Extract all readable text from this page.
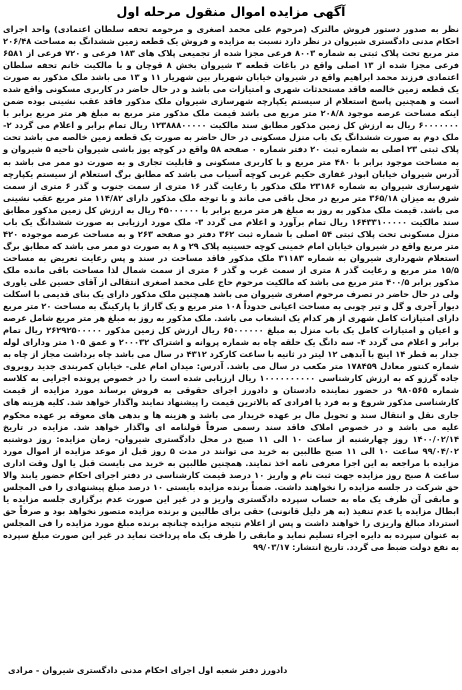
آگهی مزایده اموال منقول مرحله اول

نظر به صدور دستور فروش مالترک (مرحوم علی محمد اصغری و مرحومه تحفه سلطان اعتمادی) واحد اجرای احکام مدنی دادگستری شیروان در نظر دارد نسبت به مزایده و فروش یک قطعه زمین ششدانگ به مساحت ۲۰۶/۴۸ متر مربع تحت پلاک ثبتی به شماره ۸۰۰۳ فرعی مجزا شده از تجمیعی پلاک های ۱۸۳ فرعی و ۷۲۰ فرعی از ۶۵۸۱ فرعی مجزا شده از ۱۳ اصلی واقع در باغات قطعه ۳ شیروان بخش ۸ قوچان و با مالکیت خانم تحفه سلطان اعتمادی فرزند محمد ابراهیم واقع در شیروان خیابان شهریار بین شهریار ۱۱ و ۱۳ می باشد ملک مذکور به صورت یک قطعه زمین خالصه فاقد مستحدثات شهری و امتیازات می باشد و در حال حاضر در کاربری مسکونی واقع شده است و همچنین پاسخ استعلام از سیستم یکپارچه شهرسازی شیروان ملک مذکور فاقد عقب نشینی بوده ضمن اینکه مساحت عرصه موجود ۲۰۸/۸ متر مربع می باشد قیمت ملک مذکور متر مربع به مبلغ هر متر مربع برابر با ۶۰۰۰۰۰۰۰ ریال به ارزش کل زمین مذکور مطابق سند مالکیت ۱۲۳۸۸۸۰۰۰۰۰ ریال تمام برابر و اعلام می گردد ۲- ملک دوم به صورت ششدانگ یک باب منزل مسکونی در حال حاضر به صورت یک قطعه زمین خالصه می باشد تحت پلاک ثبتی ۲۳ اصلی به شماره ثبت ۲۰ دفتر شماره ۰ صفحه ۵۸ واقع در کوچه یوز باشی شیروان ناحیه ۵ شیروان و به مساحت موجود برابر با ۴۸۰ متر مربع و با کاربری مسکونی و قابلیت تجاری و به صورت دو ممر می باشد به آدرس شیروان خیابان ابوذر غفاری حکیم غربی کوچه آسیاب می باشد که مطابق برگ استعلام از سیستم یکپارچه شهرسازی شیروان به شماره ۲۳۱۸۶ ملک مذکور با رعایت گذر ۱۶ متری از سمت جنوب و گذر ۶ متری از سمت شرق به میزان ۳۶۵/۱۸ متر مربع در محل باقی می ماند و با توجه ملک مذکور دارای ۱۱۴/۸۲ متر مربع عقب نشینی می باشد. قیمت ملک مذکور به روز به مبلغ هر متر مربع برابر با ۴۵۰۰۰۰۰۰ ریال به ارزش کل زمین مذکور مطابق سند مالکیت ۱۶۴۳۳۱۰۰۰۰۰ ریال تمام برآورد و اعلام می گردد ۳- ملک مورد ارزیابی به صورت ششدانگ یک باب منزل مسکونی تحت پلاک ثبتی ۵۴ اصلی با شماره ثبت ۳۶۲ دفتر دو صفحه ۲۶۳ و به مساحت عرصه موجوده ۴۲۰ متر مربع واقع در شیروان خیابان امام خمینی کوچه حسینیه پلاک ۲۹ و ۸ به صورت دو ممر می باشد که مطابق برگ استعلام شهرداری شیروان به شماره ۳۱۱۸۳ ملک مذکور فاقد مساحت در سند و پس رعایت تعریض به مساحت ۱۵/۵ متر مربع و رعایت گذر ۸ متری از سمت غرب و گذر ۶ متری از سمت شمال لذا مساحت باقی مانده ملک مذکور برابر ۴۰۰/۵ متر مربع می باشد که مالکیت مرحوم حاج علی محمد اصغری انتقالی از آقای حسین علی یاوری ولی در حال حاضر در تصرف مرحوم اصغری شیروان می باشد همچنین ملک مذکور دارای یک بنای قدیمی با اسکلت دیوار آجری و گل و تیر چوبی به مساحت اعیانی حدوداً ۱۰۸ متر مربع و یک گاراژ با پارکینگ به مساحت ۲۰ متر مربع دارای امتیازات کامل شهری از هر کدام یک انشعاب می باشد. ملک مذکور به روز به مبلغ هر متر مربع شامل عرصه و اعیان و امتیازات کامل یک باب منزل به مبلغ ۶۵۰۰۰۰۰۰ ریال ارزش کل زمین مذکور ۲۶۲۹۲۵۰۰۰۰۰ ریال تمام برابر و اعلام می گردد ۴- سه دانگ یک حلقه چاه به شماره پروانه و اشتراک ۲۰۰۰۳۲ و عمق ۱۰۵ متر ودارای لوله جدار به قطر ۱۴ اینچ با آبدهی ۱۲ لیتر در ثانیه با ساعت کارکرد ۴۳۱۲ در سال می باشد چاه برداشت مجاز از چاه به شماره کنتور معادل ۱۷۸۴۵۹ متر مکعب در سال می باشد. آدرس: میدان امام علی- خیابان کمربندی جدید روبروی جاده گرزو که به ارزش کارشناسی ۱۰۰۰۰۰۰۰۰۰۰ ریال ارزیابی شده است را در خصوص پرونده اجرایی به کلاسه شماره ۹۸۰۵۶۵ در حضور نماینده دادستان و دادورز اجرای حقوقی به فروش برساند مورد مزایده از قیمت کارشناسی مذکور شروع و به فرد یا افرادی که بالاترین قیمت را پیشنهاد نمایند واگذار خواهد شد. کلیه هزینه های جاری نقل و انتقال سند و تحویل مال بر عهده خریدار می باشد و هزینه ها و بدهی های معوقه بر عهده محکوم علیه می باشد و در خصوص املاک فاقد سند رسمی صرفاً قولنامه ای واگذار خواهد شد. مزایده در تاریخ ۱۴۰۰/۰۲/۱۴ روز چهارشنبه از ساعت ۱۰ الی ۱۱ صبح در محل دادگستری شیروان- زمان مزایده: روز دوشنبه ۹۹/۰۴/۰۲ ساعت ۱۰ الی ۱۱ صبح طالبین به خرید می توانند در مدت ۵ روز قبل از موعد مزایده از اموال مورد مزایده با مراجعه به این اجرا معرفی نامه اخذ نمایند. همچنین طالبین به خرید می بایست قبل یا اول وقت اداری ساعت ۸ صبح روز مزایده جهت ثبت نام و واریز ۱۰ درصد قیمت کارشناسی در دفتر اجرای احکام حضور یابند والا حق شرکت در جلسه مزایده را نخواهند داشت. ضمناً برنده مزایده بایستی ۱۰ درصد مبلغ پیشنهادی را فی المجلس و مابقی آن ظرف یک ماه به حساب سپرده دادگستری واریز و در غیر این صورت عدم برگزاری جلسه مزایده یا ابطال مزایده یا عدم تنفیذ (به هر دلیل قانونی) حقی برای طالبین و برنده مزایده متصور نخواهد بود و صرفاً حق استرداد مبالغ واریزی را خواهند داشت و پس از اعلام نتیجه مزایده چنانچه برنده مبلغ مورد مزایده را فی المجلس به عنوان سپرده به دایره اجراء تسلیم نماید و مابقی را ظرف یک ماه پرداخت نماید در غیر این صورت مبلغ سپرده به نفع دولت ضبط می گردد. تاریخ انتشار: ۹۹/۰۳/۱۷

دادورز دفتر شعبه اول اجرای احکام مدنی دادگستری شیروان - مرادی
